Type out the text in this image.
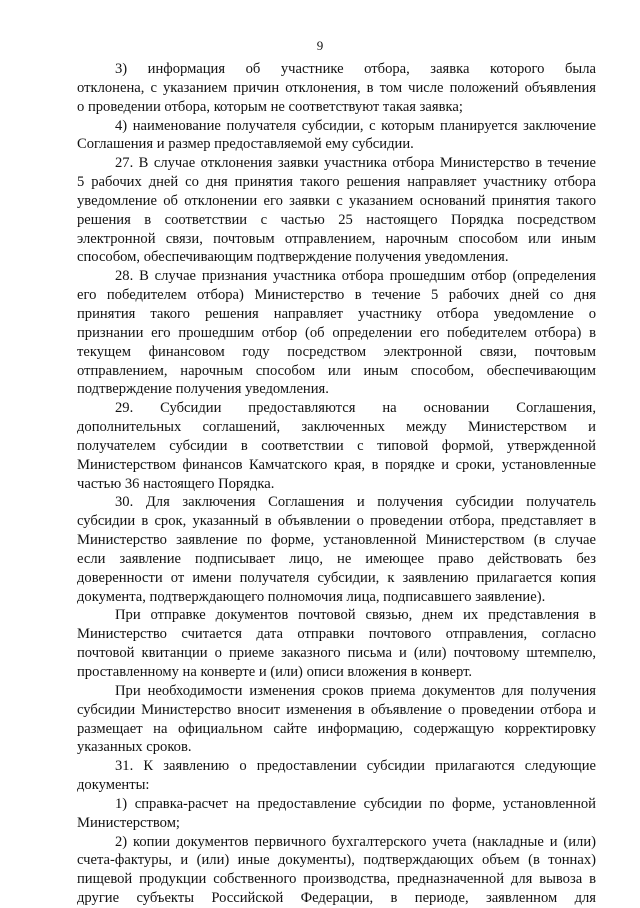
9
3) информация об участнике отбора, заявка которого была
отклонена, с указанием причин отклонения, в том числе положений объявления
о проведении отбора, которым не соответствуют такая заявка;
4) наименование получателя субсидии, с которым планируется заключение
Соглашения и размер предоставляемой ему субсидии.
27. В случае отклонения заявки участника отбора Министерство в течение
5 рабочих дней со дня принятия такого решения направляет участнику отбора
уведомление об отклонении его заявки с указанием оснований принятия такого
решения в соответствии с частью 25 настоящего Порядка посредством
электронной связи, почтовым отправлением, нарочным способом или иным
способом, обеспечивающим подтверждение получения уведомления.
28. В случае признания участника отбора прошедшим отбор (определения
его победителем отбора) Министерство в течение 5 рабочих дней со дня
принятия такого решения направляет участнику отбора уведомление о
признании его прошедшим отбор (об определении его победителем отбора) в
текущем финансовом году посредством электронной связи, почтовым
отправлением, нарочным способом или иным способом, обеспечивающим
подтверждение получения уведомления.
29. Субсидии предоставляются на основании Соглашения,
дополнительных соглашений, заключенных между Министерством и
получателем субсидии в соответствии с типовой формой, утвержденной
Министерством финансов Камчатского края, в порядке и сроки, установленные
частью 36 настоящего Порядка.
30. Для заключения Соглашения и получения субсидии получатель
субсидии в срок, указанный в объявлении о проведении отбора, представляет в
Министерство заявление по форме, установленной Министерством (в случае
если заявление подписывает лицо, не имеющее право действовать без
доверенности от имени получателя субсидии, к заявлению прилагается копия
документа, подтверждающего полномочия лица, подписавшего заявление).
При отправке документов почтовой связью, днем их представления в
Министерство считается дата отправки почтового отправления, согласно
почтовой квитанции о приеме заказного письма и (или) почтовому штемпелю,
проставленному на конверте и (или) описи вложения в конверт.
При необходимости изменения сроков приема документов для получения
субсидии Министерство вносит изменения в объявление о проведении отбора и
размещает на официальном сайте информацию, содержащую корректировку
указанных сроков.
31. К заявлению о предоставлении субсидии прилагаются следующие
документы:
1) справка-расчет на предоставление субсидии по форме, установленной
Министерством;
2) копии документов первичного бухгалтерского учета (накладные и (или)
счета-фактуры, и (или) иные документы), подтверждающих объем (в тоннах)
пищевой продукции собственного производства, предназначенной для вывоза в
другие субъекты Российской Федерации, в периоде, заявленном для
